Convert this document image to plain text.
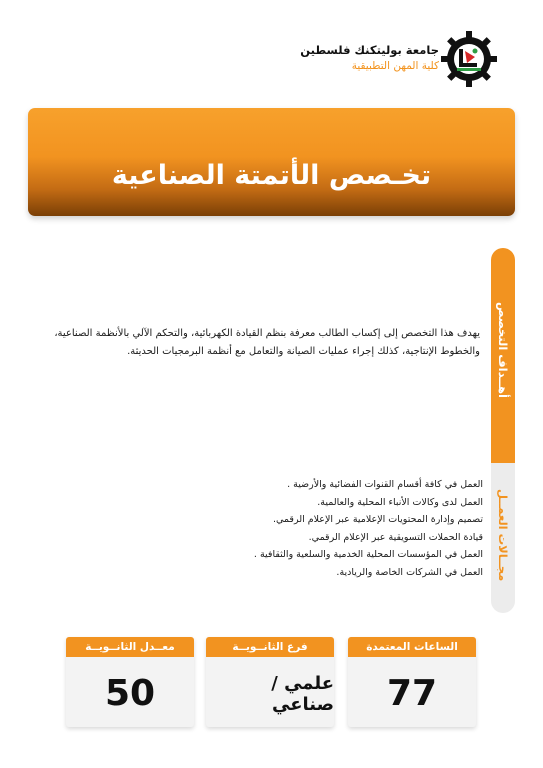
جامعة بوليتكنك فلسطين
كلية المهن التطبيقية
تخـصص الأتمتة الصناعية
أهــداف التخصص
مجــالات العمــل
يهدف هذا التخصص إلى إكساب الطالب معرفة بنظم القيادة الكهربائية، والتحكم الآلي بالأنظمة الصناعية، والخطوط الإنتاجية، كذلك إجراء عمليات الصيانة والتعامل مع أنظمة البرمجيات الحديثة.
العمل في كافة أقسام القنوات الفضائية والأرضية .
العمل لدى وكالات الأنباء المحلية والعالمية.
تصميم وإدارة المحتويات الإعلامية عبر الإعلام الرقمي.
قيادة الحملات التسويقية عبر الإعلام الرقمي.
العمل في المؤسسات المحلية الخدمية والسلعية والثقافية .
العمل في الشركات الخاصة والريادية.
الساعات المعتمدة
77
فرع الثانــويــة
علمي / صناعي
معــدل الثانــويــة
50
